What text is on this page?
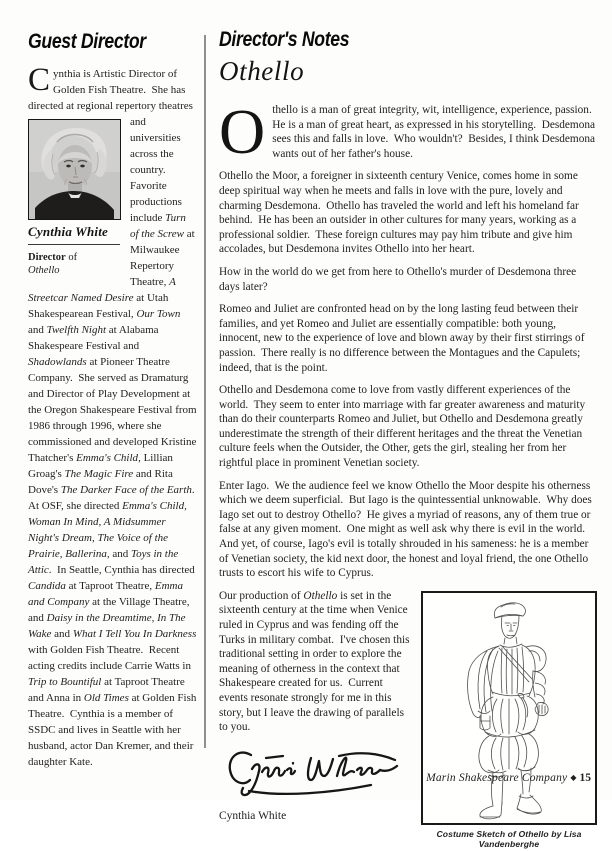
Guest Director
Cynthia is Artistic Director of Golden Fish Theatre.  She has directed at regional repertory theatres
Cynthia White
Director of
Othello
and universities across the country.  Favorite productions include Turn of the Screw at Milwaukee Repertory Theatre, A Streetcar Named Desire at Utah Shakespearean Festival, Our Town and Twelfth Night at Alabama Shakespeare Festival and Shadowlands at Pioneer Theatre Company.  She served as Dramaturg and Director of Play Development at the Oregon Shakespeare Festival from 1986 through 1996, where she commissioned and developed Kristine Thatcher's Emma's Child, Lillian Groag's The Magic Fire and Rita Dove's The Darker Face of the Earth.  At OSF, she directed Emma's Child, Woman In Mind, A Midsummer Night's Dream, The Voice of the Prairie, Ballerina, and Toys in the Attic.  In Seattle, Cynthia has directed Candida at Taproot Theatre, Emma and Company at the Village Theatre, and Daisy in the Dreamtime, In The Wake and What I Tell You In Darkness with Golden Fish Theatre.  Recent acting credits include Carrie Watts in Trip to Bountiful at Taproot Theatre and Anna in Old Times at Golden Fish Theatre.  Cynthia is a member of SSDC and lives in Seattle with her husband, actor Dan Kremer, and their daughter Kate.
Director's Notes
Othello
Othello is a man of great integrity, wit, intelligence, experience, passion.  He is a man of great heart, as expressed in his storytelling.  Desdemona sees this and falls in love.  Who wouldn't?  Besides, I think Desdemona wants out of her father's house.
Othello the Moor, a foreigner in sixteenth century Venice, comes home in some deep spiritual way when he meets and falls in love with the pure, lovely and charming Desdemona.  Othello has traveled the world and left his homeland far behind.  He has been an outsider in other cultures for many years, working as a professional soldier.  These foreign cultures may pay him tribute and give him accolades, but Desdemona invites Othello into her heart.
How in the world do we get from here to Othello's murder of Desdemona three days later?
Romeo and Juliet are confronted head on by the long lasting feud between their families, and yet Romeo and Juliet are essentially compatible: both young, innocent, new to the experience of love and blown away by their first stirrings of passion.  There really is no difference between the Montagues and the Capulets; indeed, that is the point.
Othello and Desdemona come to love from vastly different experiences of the world.  They seem to enter into marriage with far greater awareness and maturity than do their counterparts Romeo and Juliet, but Othello and Desdemona greatly underestimate the strength of their different heritages and the threat the Venetian culture feels when the Outsider, the Other, gets the girl, stealing her from her rightful place in prominent Venetian society.
Enter Iago.  We the audience feel we know Othello the Moor despite his otherness which we deem superficial.  But Iago is the quintessential unknowable.  Why does Iago set out to destroy Othello?  He gives a myriad of reasons, any of them true or false at any given moment.  One might as well ask why there is evil in the world.  And yet, of course, Iago's evil is totally shrouded in his sameness: he is a member of Venetian society, the kid next door, the honest and loyal friend, the one Othello trusts to escort his wife to Cyprus.
Costume Sketch of Othello by Lisa Vandenberghe
Our production of Othello is set in the sixteenth century at the time when Venice ruled in Cyprus and was fending off the Turks in military combat.  I've chosen this traditional setting in order to explore the meaning of otherness in the context that Shakespeare created for us.  Current events resonate strongly for me in this story, but I leave the drawing of parallels to you.
Cynthia White
Marin Shakespeare Company ◆ 15
